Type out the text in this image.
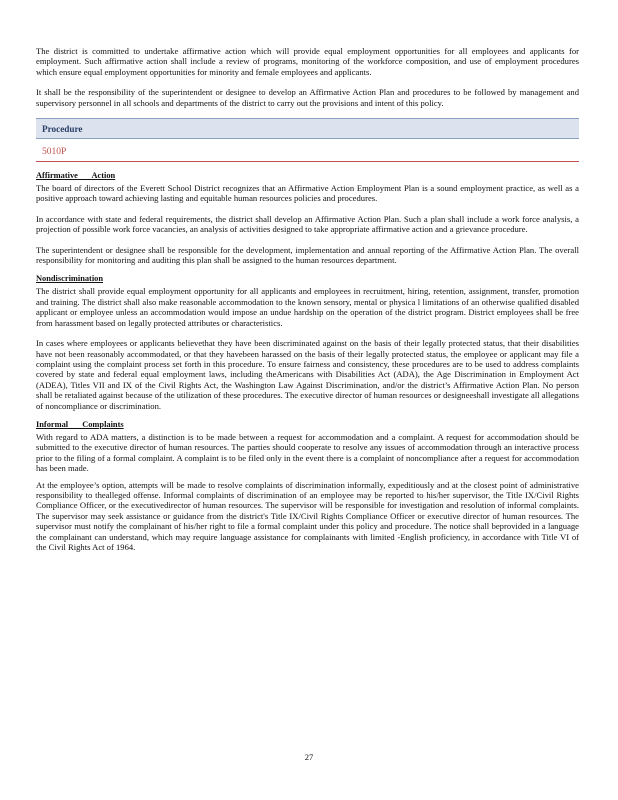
The district is committed to undertake affirmative action which will provide equal employment opportunities for all employees and applicants for employment. Such affirmative action shall include a review of programs, monitoring of the workforce composition, and use of employment procedures which ensure equal employment opportunities for minority and female employees and applicants.

It shall be the responsibility of the superintendent or designee to develop an Affirmative Action Plan and procedures to be followed by management and supervisory personnel in all schools and departments of the district to carry out the provisions and intent of this policy.

Procedure
5010P
Affirmative Action

The board of directors of the Everett School District recognizes that an Affirmative Action Employment Plan is a sound employment practice, as well as a positive approach toward achieving lasting and equitable human resources policies and procedures.

In accordance with state and federal requirements, the district shall develop an Affirmative Action Plan. Such a plan shall include a work force analysis, a projection of possible work force vacancies, an analysis of activities designed to take appropriate affirmative action and a grievance procedure.

The superintendent or designee shall be responsible for the development, implementation and annual reporting of the Affirmative Action Plan. The overall responsibility for monitoring and auditing this plan shall be assigned to the human resources department.

Nondiscrimination

The district shall provide equal employment opportunity for all applicants and employees in recruitment, hiring, retention, assignment, transfer, promotion and training. The district shall also make reasonable accommodation to the known sensory, mental or physica l limitations of an otherwise qualified disabled applicant or employee unless an accommodation would impose an undue hardship on the operation of the district program. District employees shall be free from harassment based on legally protected attributes or characteristics.

In cases where employees or applicants believethat they have been discriminated against on the basis of their legally protected status, that their disabilities have not been reasonably accommodated, or that they havebeen harassed on the basis of their legally protected status, the employee or applicant may file a complaint using the complaint process set forth in this procedure. To ensure fairness and consistency, these procedures are to be used to address complaints covered by state and federal equal employment laws, including theAmericans with Disabilities Act (ADA), the Age Discrimination in Employment Act (ADEA), Titles VII and IX of the Civil Rights Act, the Washington Law Against Discrimination, and/or the district’s Affirmative Action Plan. No person shall be retaliated against because of the utilization of these procedures. The executive director of human resources or designeeshall investigate all allegations of noncompliance or discrimination.

Informal Complaints

With regard to ADA matters, a distinction is to be made between a request for accommodation and a complaint. A request for accommodation should be submitted to the executive director of human resources. The parties should cooperate to resolve any issues of accommodation through an interactive process prior to the filing of a formal complaint. A complaint is to be filed only in the event there is a complaint of noncompliance after a request for accommodation has been made.

At the employee’s option, attempts will be made to resolve complaints of discrimination informally, expeditiously and at the closest point of administrative responsibility to thealleged offense. Informal complaints of discrimination of an employee may be reported to his/her supervisor, the Title IX/Civil Rights Compliance Officer, or the executivedirector of human resources. The supervisor will be responsible for investigation and resolution of informal complaints. The supervisor may seek assistance or guidance from the district's Title IX/Civil Rights Compliance Officer or executive director of human resources. The supervisor must notify the complainant of his/her right to file a formal complaint under this policy and procedure. The notice shall beprovided in a language the complainant can understand, which may require language assistance for complainants with limited -English proficiency, in accordance with Title VI of the Civil Rights Act of 1964.

27
